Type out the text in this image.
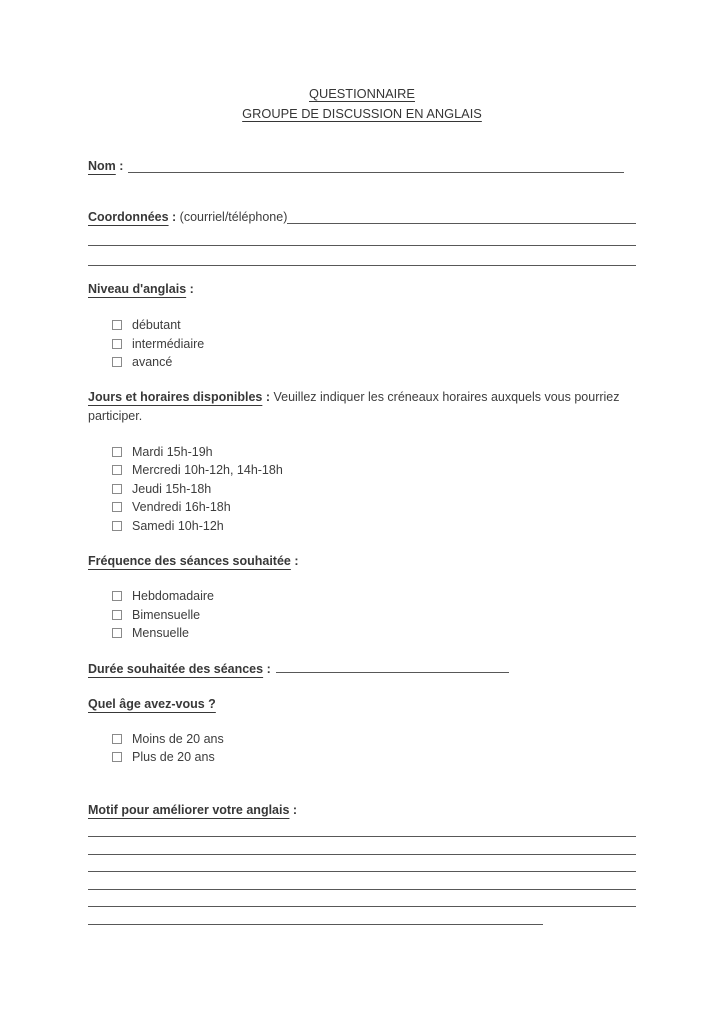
QUESTIONNAIRE
GROUPE DE DISCUSSION EN ANGLAIS
Nom :
Coordonnées : (courriel/téléphone)
Niveau d'anglais :
débutant
intermédiaire
avancé
Jours et horaires disponibles : Veuillez indiquer les créneaux horaires auxquels vous pourriez participer.
Mardi 15h-19h
Mercredi 10h-12h, 14h-18h
Jeudi 15h-18h
Vendredi 16h-18h
Samedi 10h-12h
Fréquence des séances souhaitée :
Hebdomadaire
Bimensuelle
Mensuelle
Durée souhaitée des séances :
Quel âge avez-vous ?
Moins de 20 ans
Plus de 20 ans
Motif pour améliorer votre anglais :
